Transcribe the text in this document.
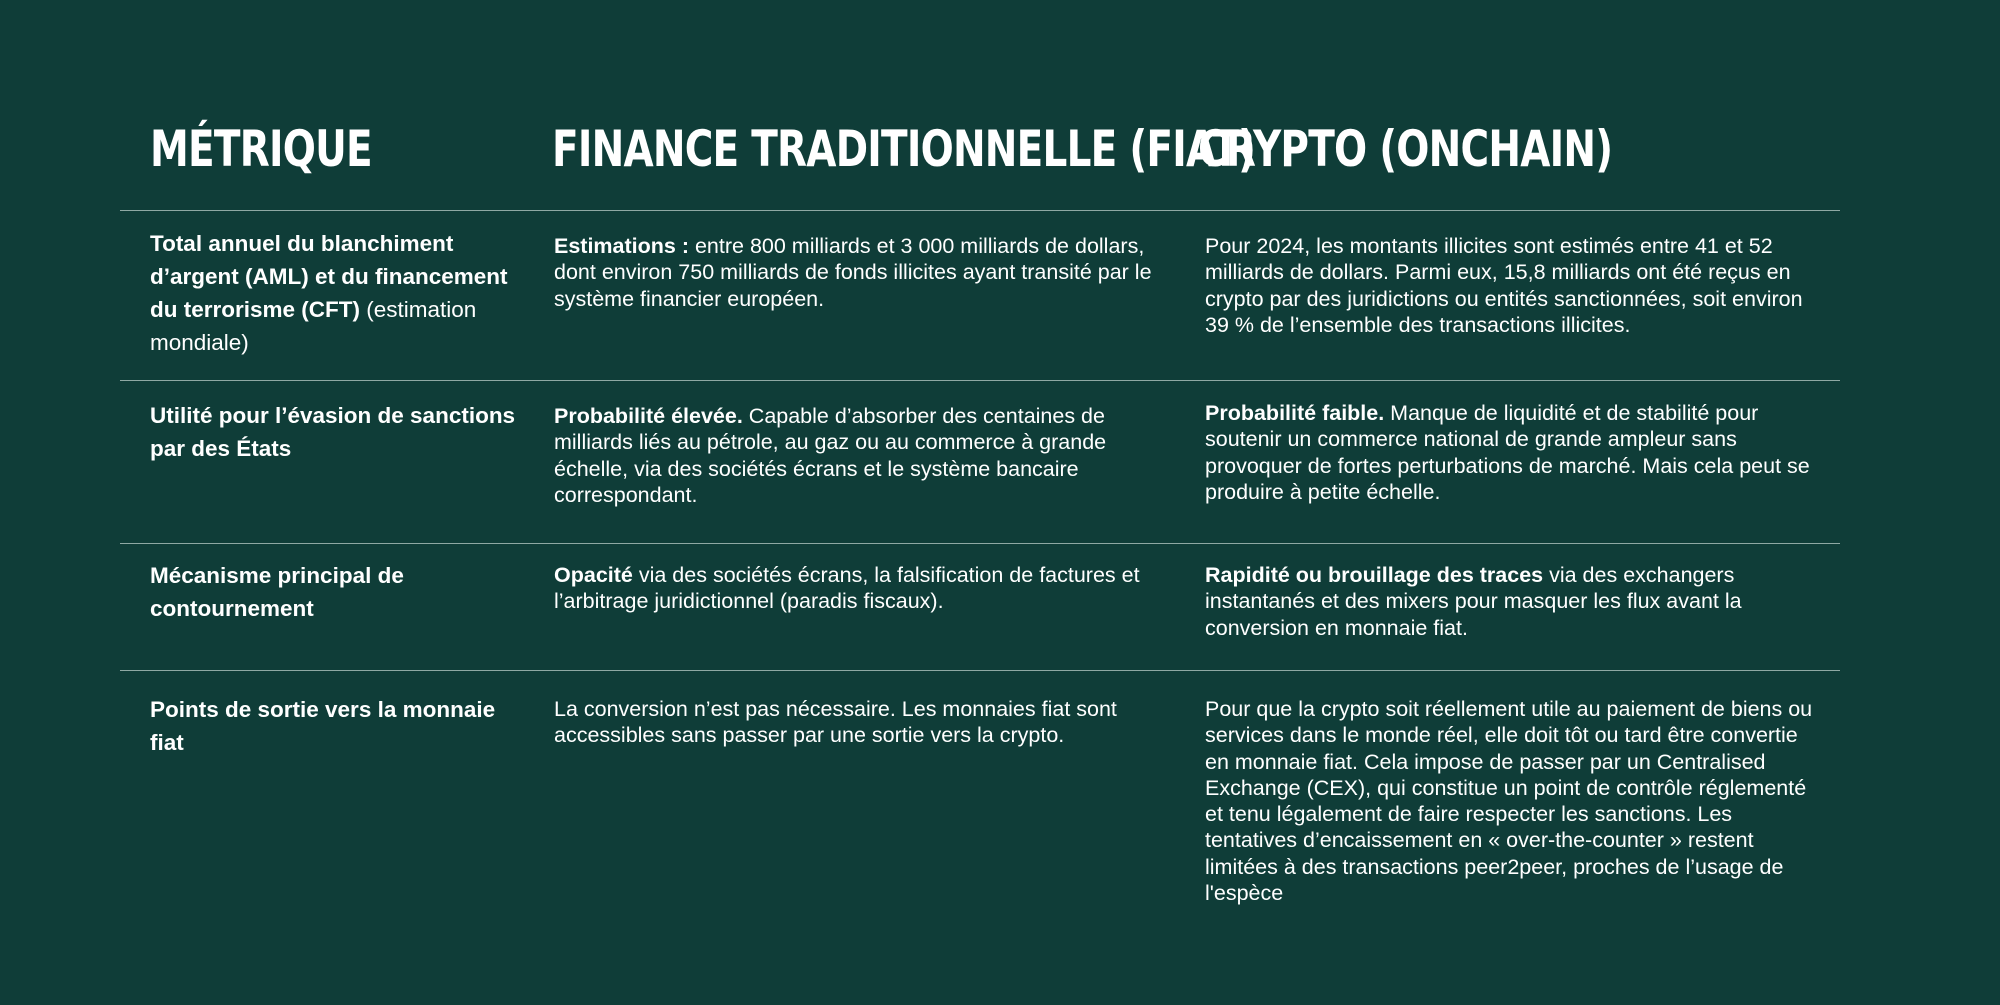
MÉTRIQUE	FINANCE TRADITIONNELLE (FIAT)
CRYPTO (ONCHAIN)
Total annuel du blanchiment d’argent (AML) et du financement du terrorisme (CFT) (estimation mondiale)
Estimations : entre 800 milliards et 3 000 milliards de dollars, dont environ 750 milliards de fonds illicites ayant transité par le système financier européen.
Pour 2024, les montants illicites sont estimés entre 41 et 52 milliards de dollars. Parmi eux, 15,8 milliards ont été reçus en crypto par des juridictions ou entités sanctionnées, soit environ 39 % de l’ensemble des transactions illicites.
Utilité pour l’évasion de sanctions par des États
Probabilité élevée. Capable d’absorber des centaines de milliards liés au pétrole, au gaz ou au commerce à grande échelle, via des sociétés écrans et le système bancaire correspondant.
Probabilité faible. Manque de liquidité et de stabilité pour soutenir un commerce national de grande ampleur sans provoquer de fortes perturbations de marché. Mais cela peut se produire à petite échelle.
Mécanisme principal de contournement
Opacité via des sociétés écrans, la falsification de factures et l’arbitrage juridictionnel (paradis fiscaux).
Rapidité ou brouillage des traces via des exchangers instantanés et des mixers pour masquer les flux avant la conversion en monnaie fiat.
Points de sortie vers la monnaie fiat
La conversion n’est pas nécessaire. Les monnaies fiat sont accessibles sans passer par une sortie vers la crypto.
Pour que la crypto soit réellement utile au paiement de biens ou services dans le monde réel, elle doit tôt ou tard être convertie en monnaie fiat. Cela impose de passer par un Centralised Exchange (CEX), qui constitue un point de contrôle réglementé et tenu légalement de faire respecter les sanctions. Les tentatives d’encaissement en « over-the-counter » restent limitées à des transactions peer2peer, proches de l’usage de l'espèce
